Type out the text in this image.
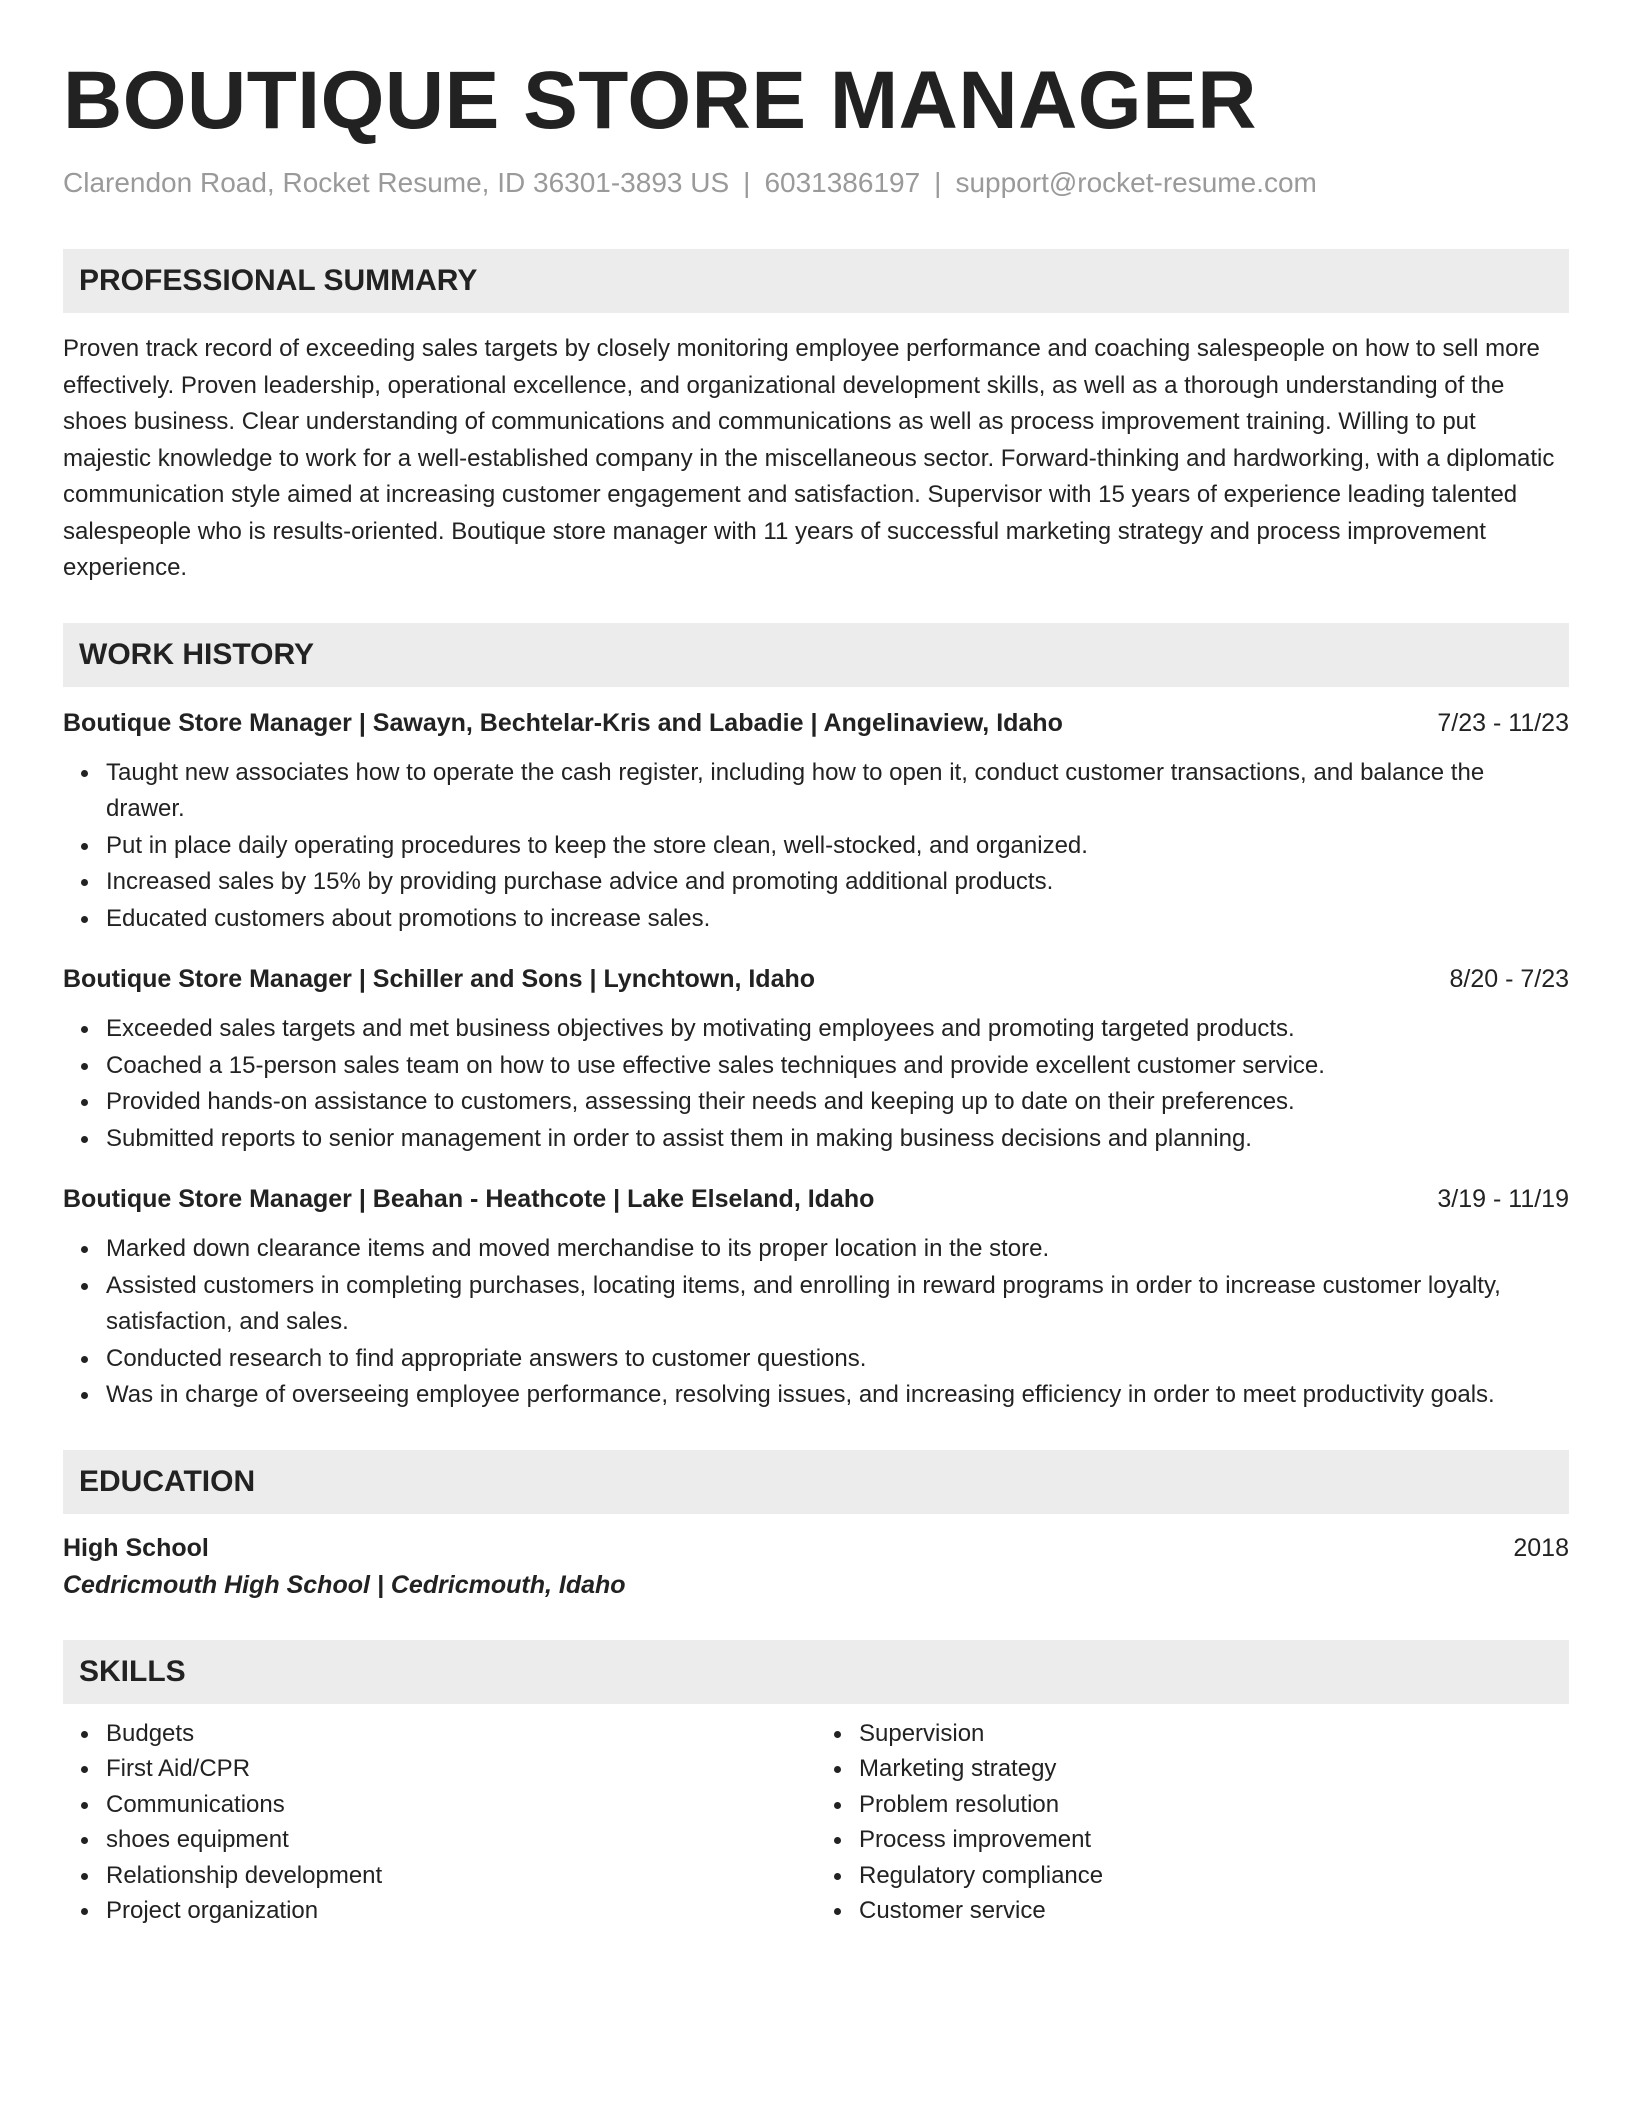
BOUTIQUE STORE MANAGER
Clarendon Road, Rocket Resume, ID 36301-3893 US | 6031386197 | support@rocket-resume.com
PROFESSIONAL SUMMARY
Proven track record of exceeding sales targets by closely monitoring employee performance and coaching salespeople on how to sell more effectively. Proven leadership, operational excellence, and organizational development skills, as well as a thorough understanding of the shoes business. Clear understanding of communications and communications as well as process improvement training. Willing to put majestic knowledge to work for a well-established company in the miscellaneous sector. Forward-thinking and hardworking, with a diplomatic communication style aimed at increasing customer engagement and satisfaction. Supervisor with 15 years of experience leading talented salespeople who is results-oriented. Boutique store manager with 11 years of successful marketing strategy and process improvement experience.
WORK HISTORY
Boutique Store Manager | Sawayn, Bechtelar-Kris and Labadie | Angelinaview, Idaho	7/23 - 11/23
Taught new associates how to operate the cash register, including how to open it, conduct customer transactions, and balance the drawer.
Put in place daily operating procedures to keep the store clean, well-stocked, and organized.
Increased sales by 15% by providing purchase advice and promoting additional products.
Educated customers about promotions to increase sales.
Boutique Store Manager | Schiller and Sons | Lynchtown, Idaho	8/20 - 7/23
Exceeded sales targets and met business objectives by motivating employees and promoting targeted products.
Coached a 15-person sales team on how to use effective sales techniques and provide excellent customer service.
Provided hands-on assistance to customers, assessing their needs and keeping up to date on their preferences.
Submitted reports to senior management in order to assist them in making business decisions and planning.
Boutique Store Manager | Beahan - Heathcote | Lake Elseland, Idaho	3/19 - 11/19
Marked down clearance items and moved merchandise to its proper location in the store.
Assisted customers in completing purchases, locating items, and enrolling in reward programs in order to increase customer loyalty, satisfaction, and sales.
Conducted research to find appropriate answers to customer questions.
Was in charge of overseeing employee performance, resolving issues, and increasing efficiency in order to meet productivity goals.
EDUCATION
High School	2018
Cedricmouth High School | Cedricmouth, Idaho
SKILLS
Budgets
First Aid/CPR
Communications
shoes equipment
Relationship development
Project organization
Supervision
Marketing strategy
Problem resolution
Process improvement
Regulatory compliance
Customer service
